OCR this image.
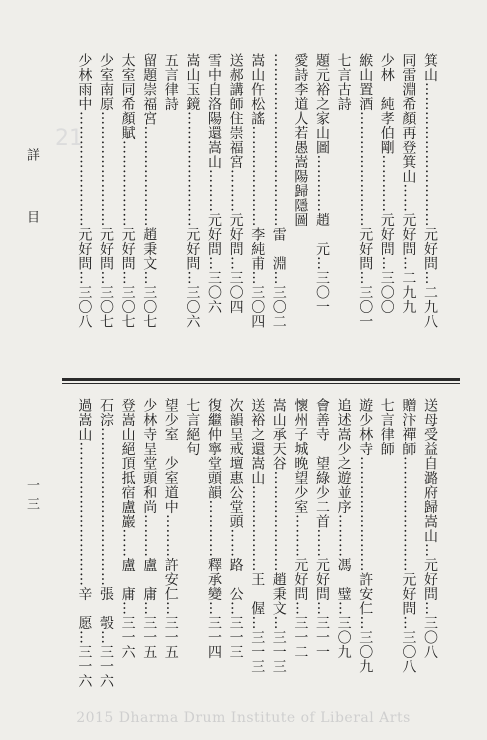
21
詳　目
一三
2015 Dharma Drum Institute of Liberal Arts
箕山…………………………元好問…二九八
同雷淵希顏再登箕山……元好問…二九九
少林　純孝伯剛…………元好問…三〇〇
緱山置酒……………………元好問…三〇一
七言古詩
題元裕之家山圖…………趙　元…三〇一
愛詩李道人若愚嵩陽歸隱圖
………………………………雷　淵…三〇二
嵩山仵松謠…………………李純甫…三〇四
送郝講師住崇福宮………元好問…三〇四
雪中自洛陽還嵩山………元好問…三〇六
嵩山玉鏡……………………元好問…三〇六
五言律詩
留題崇福宮…………………趙秉文…三〇七
太室同希顏賦………………元好問…三〇七
少室南原……………………元好問…三〇七
少林雨中……………………元好問…三〇八
送母受益自潞府歸嵩山…元好問…三〇八
贈汴禪師……………………元好問…三〇八
七言律師
遊少林寺……………………許安仁…三〇九
追述嵩少之遊並序………馮　璧…三〇九
會善寺　望綠少二首……元好問…三一一
懷州子城晚望少室………元好問…三一二
嵩山承天谷…………………趙秉文…三一三
送裕之還嵩山………………王　偓…三一三
次韻呈戒壇惠公堂頭……路　公…三一三
復繼仲寧堂頭韻…………釋承變…三一四
七言絕句
望少室　少室道中………許安仁…三一五
少林寺呈堂頭和尚………盧　庸…三一五
登嵩山絕頂抵宿盧巖……盧　庸…三一六
石淙……………………………張　彀…三一六
過嵩山…………………………辛　愿…三一六
